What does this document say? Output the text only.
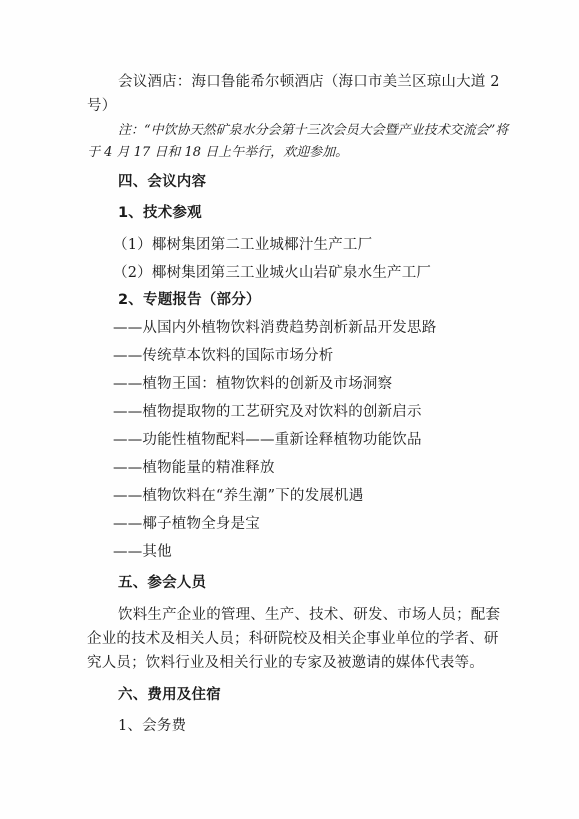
会议酒店：海口鲁能希尔顿酒店（海口市美兰区琼山大道 2
号）
注：“中饮协天然矿泉水分会第十三次会员大会暨产业技术交流会”将
于 4 月 17 日和 18 日上午举行，欢迎参加。
四、会议内容
1、技术参观
（1）椰树集团第二工业城椰汁生产工厂
（2）椰树集团第三工业城火山岩矿泉水生产工厂
2、专题报告（部分）
——从国内外植物饮料消费趋势剖析新品开发思路
——传统草本饮料的国际市场分析
——植物王国：植物饮料的创新及市场洞察
——植物提取物的工艺研究及对饮料的创新启示
——功能性植物配料——重新诠释植物功能饮品
——植物能量的精准释放
——植物饮料在“养生潮”下的发展机遇
——椰子植物全身是宝
——其他
五、参会人员
饮料生产企业的管理、生产、技术、研发、市场人员；配套
企业的技术及相关人员；科研院校及相关企事业单位的学者、研
究人员；饮料行业及相关行业的专家及被邀请的媒体代表等。
六、费用及住宿
1、会务费
